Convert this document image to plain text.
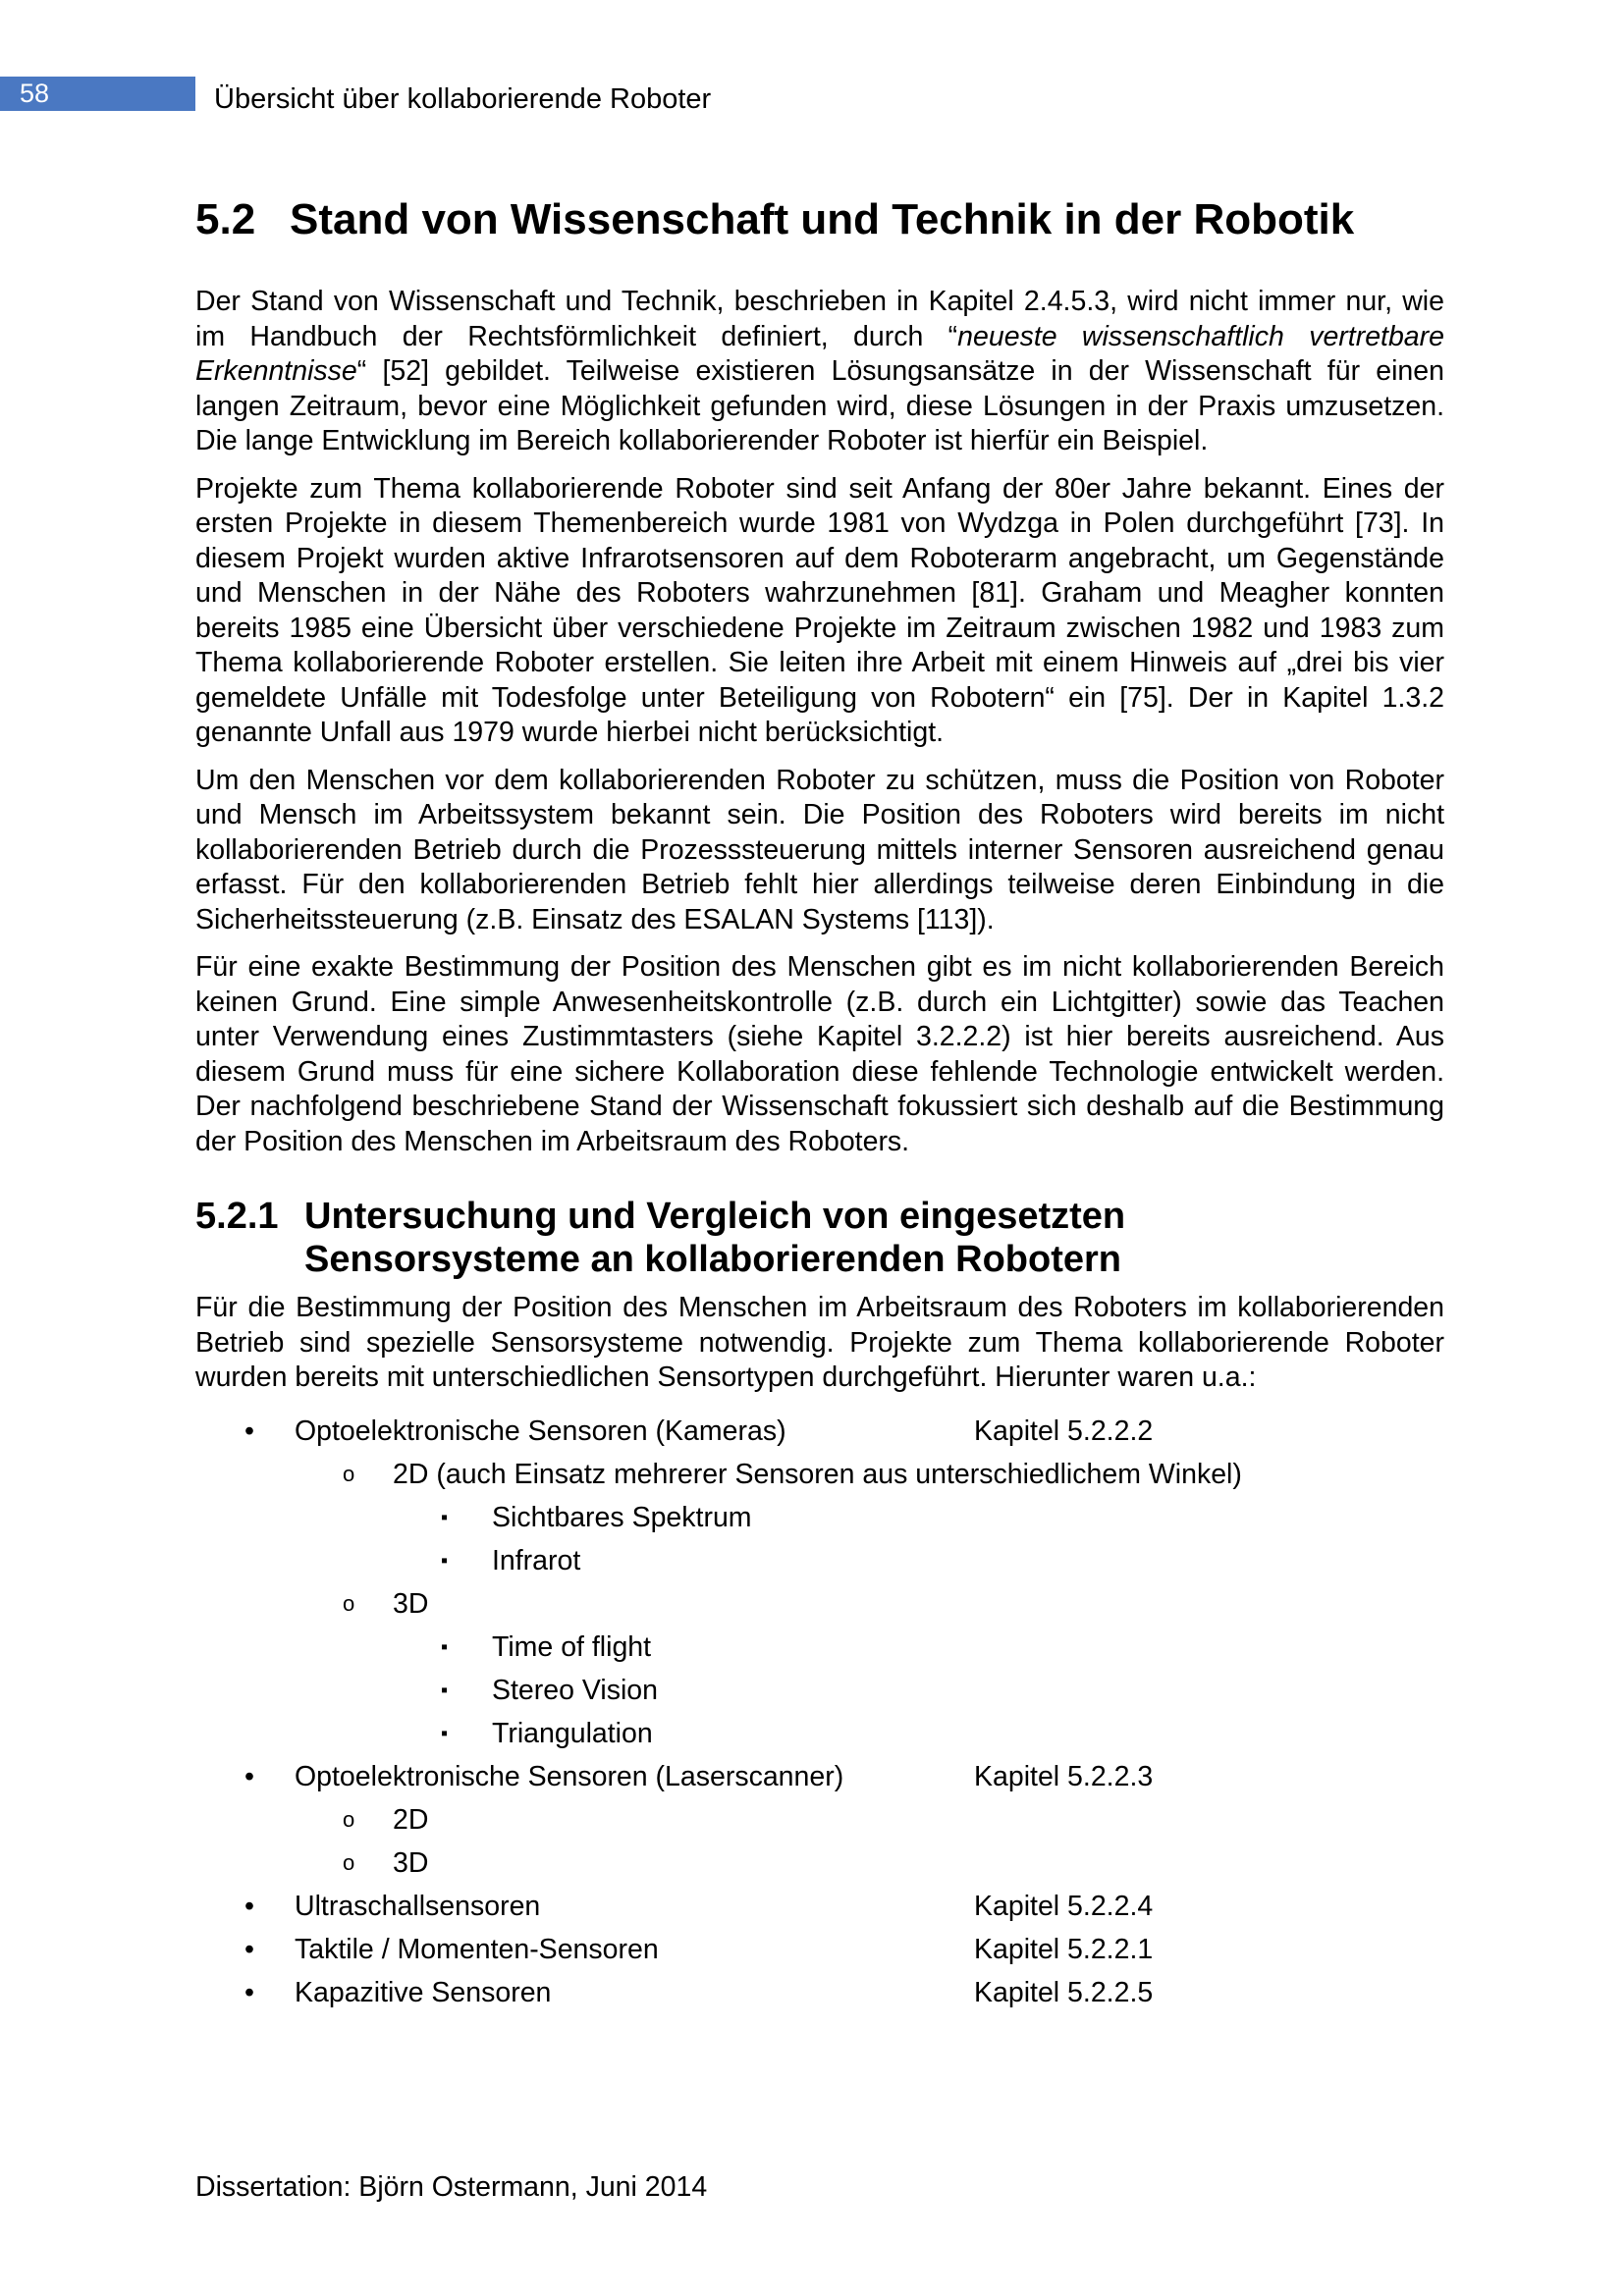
58	Übersicht über kollaborierende Roboter
5.2 Stand von Wissenschaft und Technik in der Robotik

Der Stand von Wissenschaft und Technik, beschrieben in Kapitel 2.4.5.3, wird nicht immer nur, wie im Handbuch der Rechtsförmlichkeit definiert, durch “neueste wissenschaftlich vertretbare Erkenntnisse“ [52] gebildet. Teilweise existieren Lösungsansätze in der Wissenschaft für einen langen Zeitraum, bevor eine Möglichkeit gefunden wird, diese Lösungen in der Praxis umzusetzen. Die lange Entwicklung im Bereich kollaborierender Roboter ist hierfür ein Beispiel.

Projekte zum Thema kollaborierende Roboter sind seit Anfang der 80er Jahre bekannt. Eines der ersten Projekte in diesem Themenbereich wurde 1981 von Wydzga in Polen durchgeführt [73]. In diesem Projekt wurden aktive Infrarotsensoren auf dem Roboterarm angebracht, um Gegenstände und Menschen in der Nähe des Roboters wahrzunehmen [81]. Graham und Meagher konnten bereits 1985 eine Übersicht über verschiedene Projekte im Zeitraum zwischen 1982 und 1983 zum Thema kollaborierende Roboter erstellen. Sie leiten ihre Arbeit mit einem Hinweis auf „drei bis vier gemeldete Unfälle mit Todesfolge unter Beteiligung von Robotern“ ein [75]. Der in Kapitel 1.3.2 genannte Unfall aus 1979 wurde hierbei nicht berücksichtigt.

Um den Menschen vor dem kollaborierenden Roboter zu schützen, muss die Position von Roboter und Mensch im Arbeitssystem bekannt sein. Die Position des Roboters wird bereits im nicht kollaborierenden Betrieb durch die Prozesssteuerung mittels interner Sensoren ausreichend genau erfasst. Für den kollaborierenden Betrieb fehlt hier allerdings teilweise deren Einbindung in die Sicherheitssteuerung (z.B. Einsatz des ESALAN Systems [113]).

Für eine exakte Bestimmung der Position des Menschen gibt es im nicht kollaborierenden Bereich keinen Grund. Eine simple Anwesenheitskontrolle (z.B. durch ein Lichtgitter) sowie das Teachen unter Verwendung eines Zustimmtasters (siehe Kapitel 3.2.2.2) ist hier bereits ausreichend. Aus diesem Grund muss für eine sichere Kollaboration diese fehlende Technologie entwickelt werden. Der nachfolgend beschriebene Stand der Wissenschaft fokussiert sich deshalb auf die Bestimmung der Position des Menschen im Arbeitsraum des Roboters.

5.2.1 Untersuchung und Vergleich von eingesetzten
Sensorsysteme an kollaborierenden Robotern

Für die Bestimmung der Position des Menschen im Arbeitsraum des Roboters im kollaborierenden Betrieb sind spezielle Sensorsysteme notwendig. Projekte zum Thema kollaborierende Roboter wurden bereits mit unterschiedlichen Sensortypen durchgeführt. Hierunter waren u.a.:

• Optoelektronische Sensoren (Kameras)	Kapitel 5.2.2.2
o 2D (auch Einsatz mehrerer Sensoren aus unterschiedlichem Winkel)
▪ Sichtbares Spektrum
▪ Infrarot
o 3D
▪ Time of flight
▪ Stereo Vision
▪ Triangulation
• Optoelektronische Sensoren (Laserscanner)	Kapitel 5.2.2.3
o 2D
o 3D
• Ultraschallsensoren	Kapitel 5.2.2.4
• Taktile / Momenten-Sensoren	Kapitel 5.2.2.1
• Kapazitive Sensoren	Kapitel 5.2.2.5
Dissertation: Björn Ostermann, Juni 2014
